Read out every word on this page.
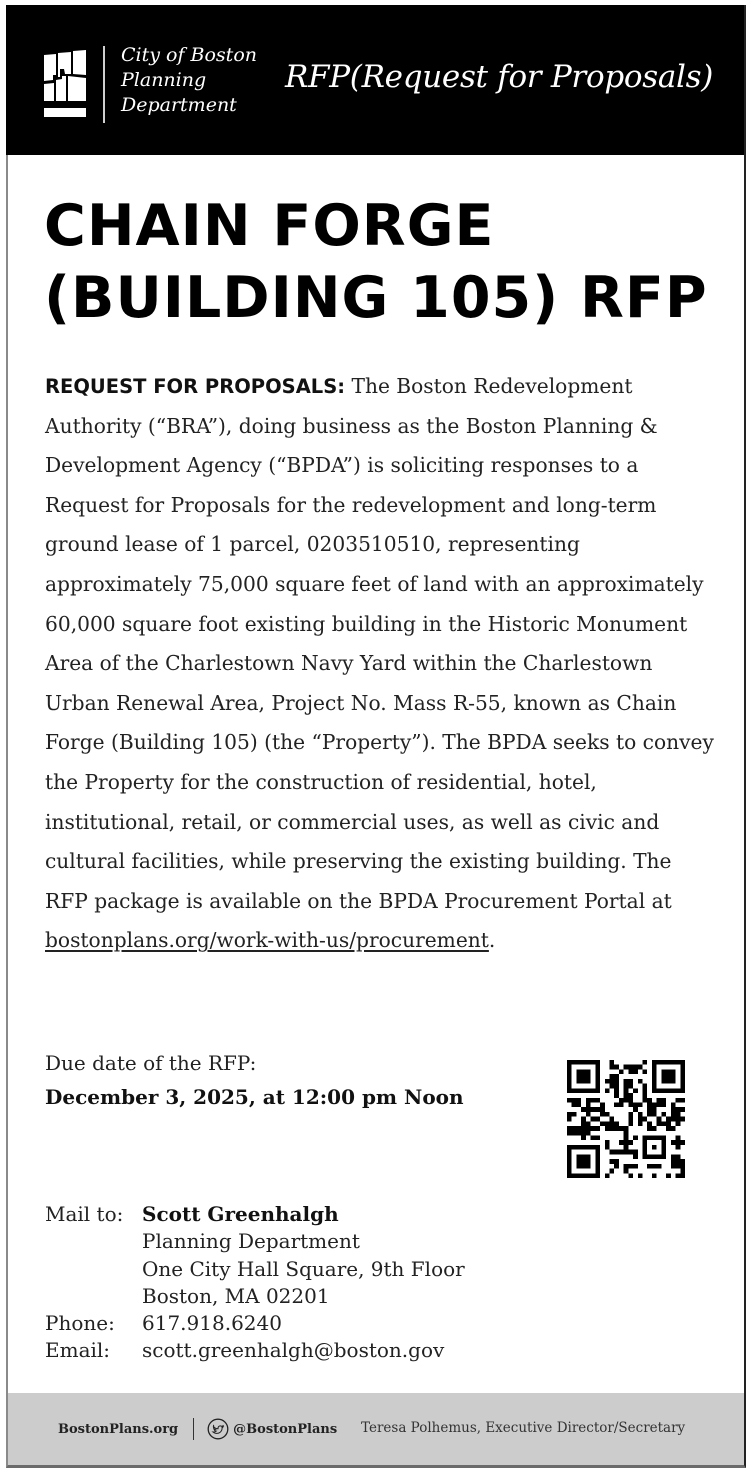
City of Boston
Planning
Department
RFP(Request for Proposals)
CHAIN FORGE
(BUILDING 105) RFP
REQUEST FOR PROPOSALS: The Boston Redevelopment Authority (“BRA”), doing business as the Boston Planning & Development Agency (“BPDA”) is soliciting responses to a Request for Proposals for the redevelopment and long-term ground lease of 1 parcel, 0203510510, representing approximately 75,000 square feet of land with an approximately 60,000 square foot existing building in the Historic Monument Area of the Charlestown Navy Yard within the Charlestown Urban Renewal Area, Project No. Mass R-55, known as Chain Forge (Building 105) (the “Property”). The BPDA seeks to convey the Property for the construction of residential, hotel, institutional, retail, or commercial uses, as well as civic and cultural facilities, while preserving the existing building. The RFP package is available on the BPDA Procurement Portal at bostonplans.org/work-with-us/procurement.
Due date of the RFP:
December 3, 2025, at 12:00 pm Noon
Mail to: Scott Greenhalgh
Planning Department
One City Hall Square, 9th Floor
Boston, MA 02201
Phone:	617.918.6240
Email:	scott.greenhalgh@boston.gov
BostonPlans.org	@BostonPlans Teresa Polhemus, Executive Director/Secretary
